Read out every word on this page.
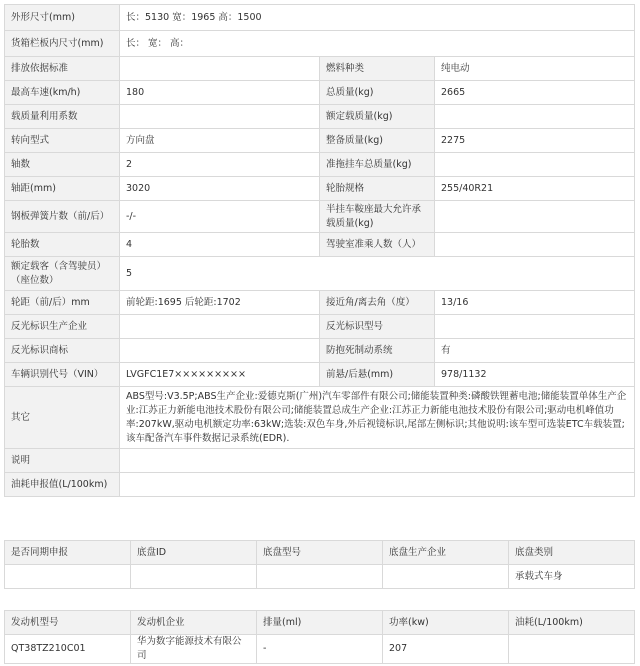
外形尺寸(mm)	长：5130 宽：1965 高：1500		
货箱栏板内尺寸(mm)	长： 宽： 高：		
排放依据标准		燃料种类	纯电动
最高车速(km/h)	180	总质量(kg)	2665
载质量利用系数		额定载质量(kg)	
转向型式	方向盘	整备质量(kg)	2275
轴数	2	准拖挂车总质量(kg)	
轴距(mm)	3020	轮胎规格	255/40R21
钢板弹簧片数（前/后）	-/-	半挂车鞍座最大允许承载质量(kg)	
轮胎数	4	驾驶室准乘人数（人）	
额定载客（含驾驶员）（座位数）	5		
轮距（前/后）mm	前轮距:1695 后轮距:1702	接近角/离去角（度）	13/16
反光标识生产企业		反光标识型号	
反光标识商标		防抱死制动系统	有
车辆识别代号（VIN）	LVGFC1E7×××××××××	前悬/后悬(mm)	978/1132
其它	ABS型号:V3.5P;ABS生产企业:爱德克斯(广州)汽车零部件有限公司;储能装置种类:磷酸铁锂蓄电池;储能装置单体生产企业:江苏正力新能电池技术股份有限公司;储能装置总成生产企业:江苏正力新能电池技术股份有限公司;驱动电机峰值功率:207kW,驱动电机额定功率:63kW;选装:双色车身,外后视镜标识,尾部左侧标识;其他说明:该车型可选装ETC车载装置;该车配备汽车事件数据记录系统(EDR).		
说明			
油耗申报值(L/100km)			
是否同期申报	底盘ID	底盘型号	底盘生产企业	底盘类别
				承载式车身
发动机型号	发动机企业	排量(ml)	功率(kw)	油耗(L/100km)
QT38TZ210C01	华为数字能源技术有限公司	-	207	
